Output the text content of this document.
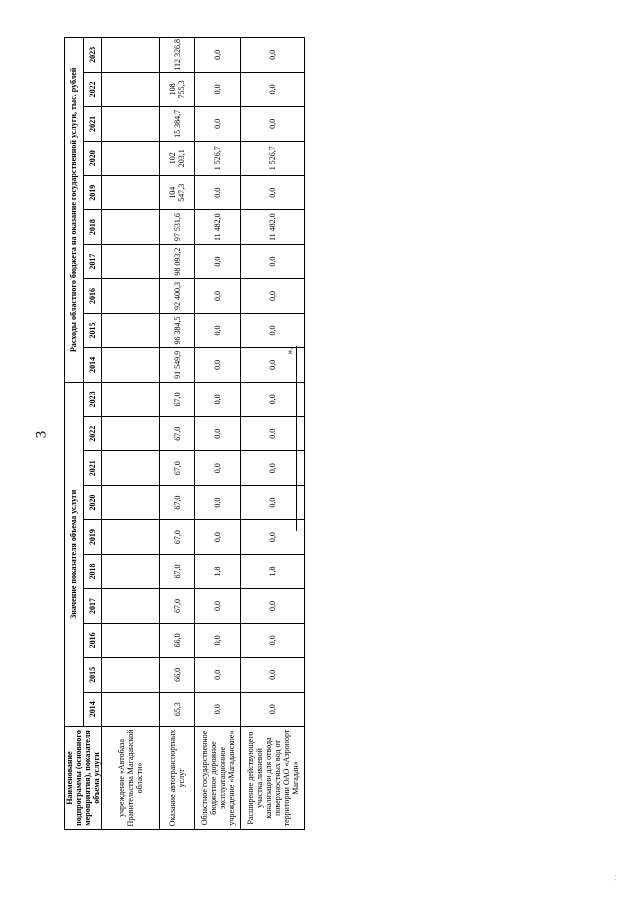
3
Наименование подпрограммы (основного мероприятия), показателя объема услуги	Значение показателя объема услуги										Расходы областного бюджета на оказание государственной услуги, тыс. рублей									
	2014	2015	2016	2017	2018	2019	2020	2021	2022	2023	2014	2015	2016	2017	2018	2019	2020	2021	2022	2023
учреждение «Автобаза Правительства Магаданской области»																				
Оказание автотранспортных услуг	65,3	66,0	66,0	67,0	67,0	67,0	67,0	67,0	67,0	67,0	91 549,9	96 384,5	92 400,3	98 093,2	97 531,6	104 547,3	102 203,1	15 384,7	108 755,3	112 326,8
Областное государственное бюджетное дорожное эксплуатационное учреждение «Магаданское»	0,0	0,0	0,0	0,0	1,8	0,0	0,0	0,0	0,0	0,0	0,0	0,0	0,0	0,0	11 482,0	0,0	1 526,7	0,0	0,0	0,0
Расширение действующего участка ливневой канализации для отвода поверхностных вод от территории ОАО «Аэропорт Магадан»	0,0	0,0	0,0	0,0	1,8	0,0	0,0	0,0	0,0	0,0	0,0	0,0	0,0	0,0	11 482,0	0,0	1 526,7	0,0	0,0	0,0
».
· ·
